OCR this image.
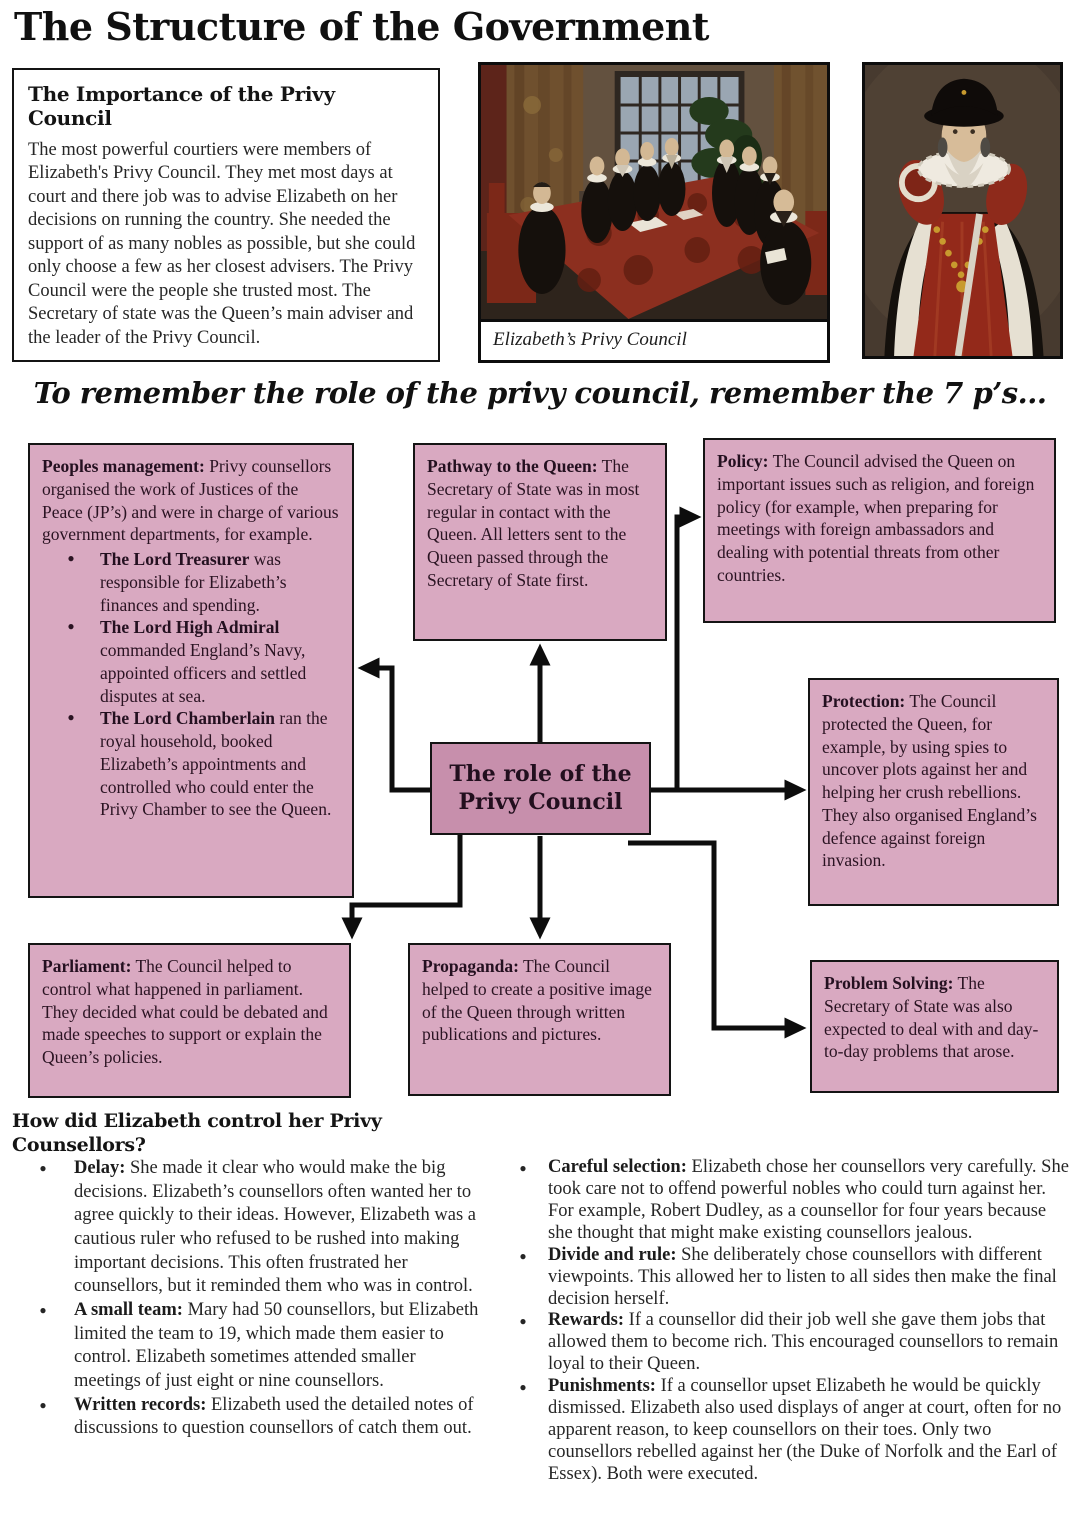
The Structure of the Government
The Importance of the Privy Council

The most powerful courtiers were members of Elizabeth's Privy Council. They met most days at court and there job was to advise Elizabeth on her decisions on running the country. She needed the support of as many nobles as possible, but she could only choose a few as her closest advisers. The Privy Council were the people she trusted most. The Secretary of state was the Queen’s main adviser and the leader of the Privy Council.	Elizabeth’s Privy Council

To remember the role of the privy council, remember the 7 p’s...

Peoples management: Privy counsellors organised the work of Justices of the Peace (JP’s) and were in charge of various government departments, for example.
●	The Lord Treasurer was responsible for Elizabeth’s finances and spending.
●	The Lord High Admiral commanded England’s Navy, appointed officers and settled disputes at sea.
●	The Lord Chamberlain ran the royal household, booked Elizabeth’s appointments and controlled who could enter the Privy Chamber to see the Queen.
Pathway to the Queen: The Secretary of State was in most regular in contact with the Queen. All letters sent to the Queen passed through the Secretary of State first.
Policy: The Council advised the Queen on important issues such as religion, and foreign policy (for example, when preparing for meetings with foreign ambassadors and dealing with potential threats from other countries.
Protection: The Council protected the Queen, for example, by using spies to uncover plots against her and helping her crush rebellions. They also organised England’s defence against foreign invasion.
The role of the Privy Council
Parliament: The Council helped to control what happened in parliament. They decided what could be debated and made speeches to support or explain the Queen’s policies.
Propaganda: The Council helped to create a positive image of the Queen through written publications and pictures.
Problem Solving: The Secretary of State was also expected to deal with and day-to-day problems that arose.
How did Elizabeth control her Privy Counsellors?
●	Delay: She made it clear who would make the big decisions. Elizabeth’s counsellors often wanted her to agree quickly to their ideas. However, Elizabeth was a cautious ruler who refused to be rushed into making important decisions. This often frustrated her counsellors, but it reminded them who was in control.
●	A small team: Mary had 50 counsellors, but Elizabeth limited the team to 19, which made them easier to control. Elizabeth sometimes attended smaller meetings of just eight or nine counsellors.
●	Written records: Elizabeth used the detailed notes of discussions to question counsellors of catch them out.
●	Careful selection: Elizabeth chose her counsellors very carefully. She took care not to offend powerful nobles who could turn against her. For example, Robert Dudley, as a counsellor for four years because she thought that might make existing counsellors jealous.
●	Divide and rule: She deliberately chose counsellors with different viewpoints. This allowed her to listen to all sides then make the final decision herself.
●	Rewards: If a counsellor did their job well she gave them jobs that allowed them to become rich. This encouraged counsellors to remain loyal to their Queen.
●	Punishments: If a counsellor upset Elizabeth he would be quickly dismissed. Elizabeth also used displays of anger at court, often for no apparent reason, to keep counsellors on their toes. Only two counsellors rebelled against her (the Duke of Norfolk and the Earl of Essex). Both were executed.
